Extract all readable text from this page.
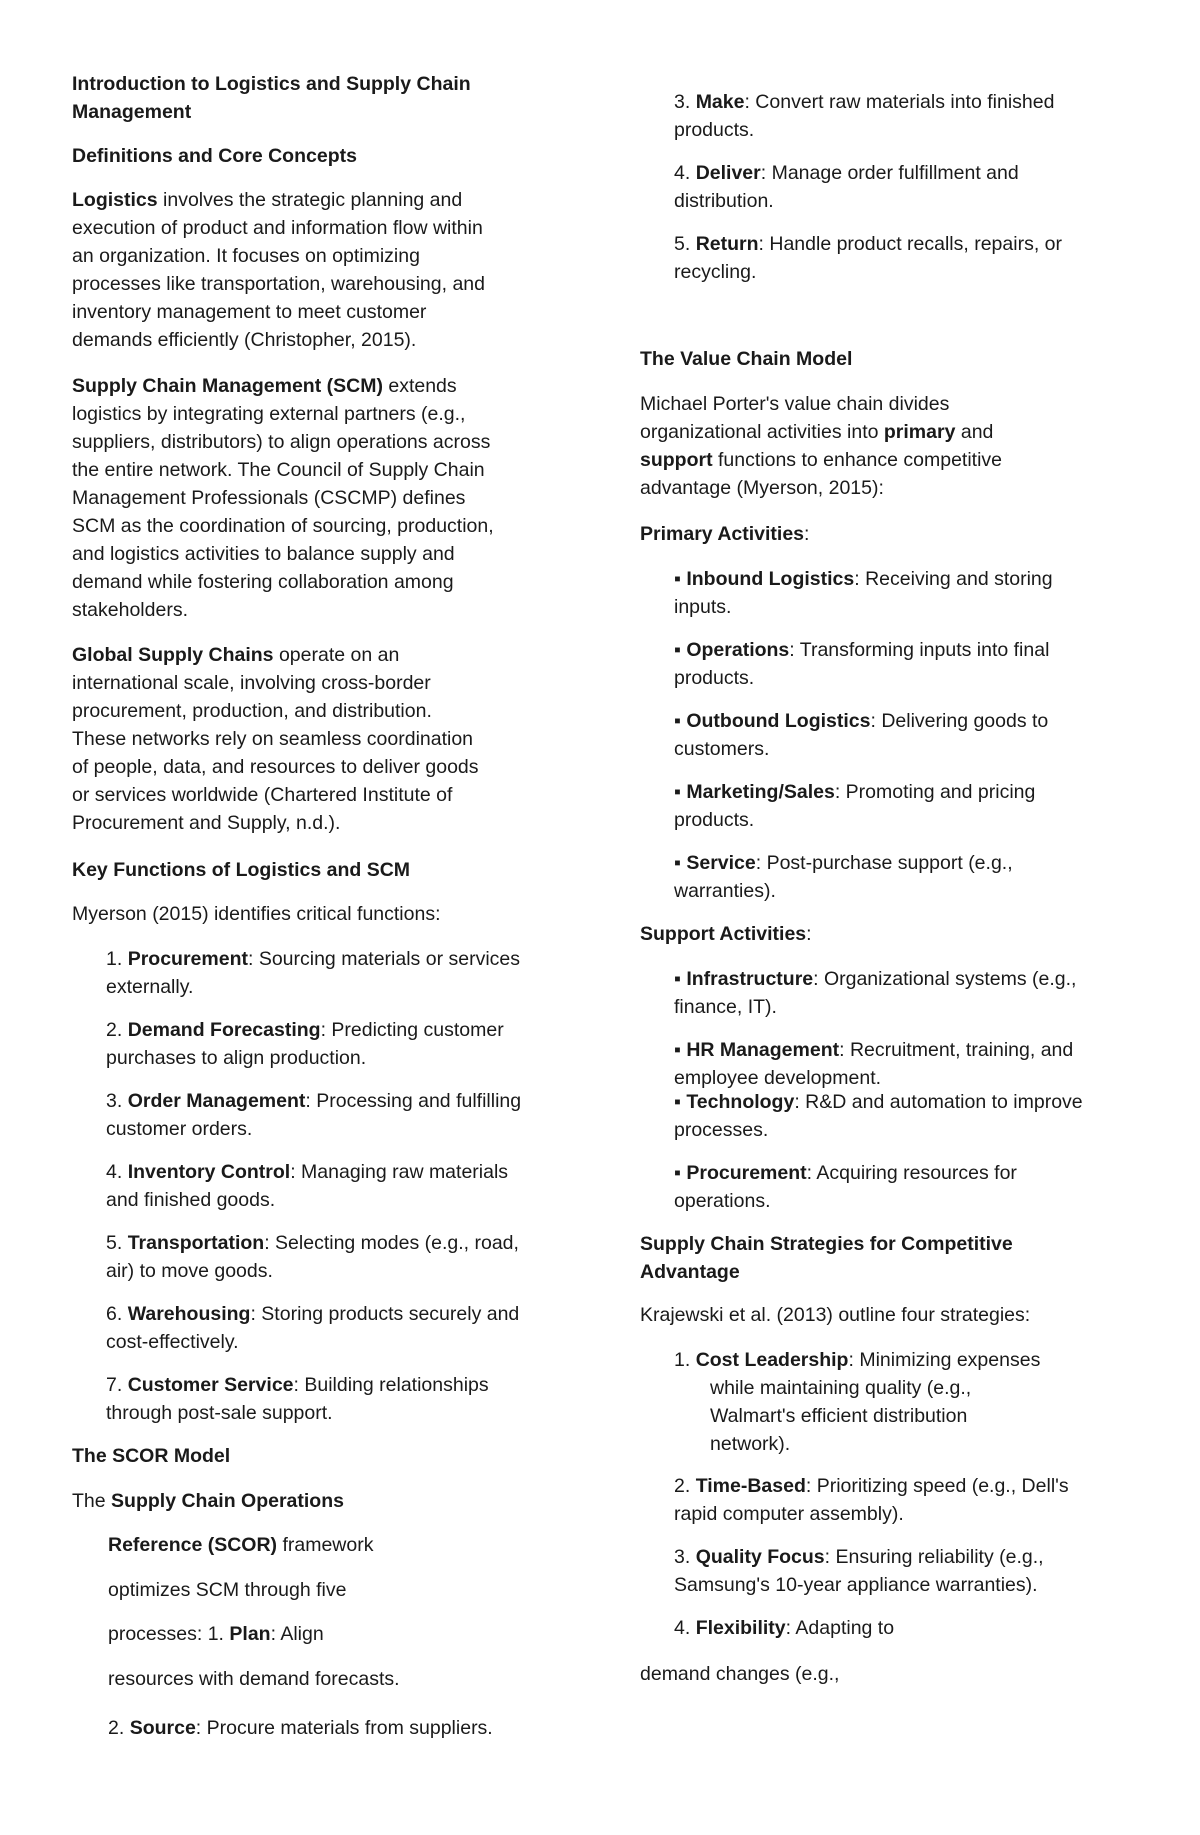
Introduction to Logistics and Supply Chain
Management
Definitions and Core Concepts
Logistics involves the strategic planning and
execution of product and information flow within
an organization. It focuses on optimizing
processes like transportation, warehousing, and
inventory management to meet customer
demands efficiently (Christopher, 2015).
Supply Chain Management (SCM) extends
logistics by integrating external partners (e.g.,
suppliers, distributors) to align operations across
the entire network. The Council of Supply Chain
Management Professionals (CSCMP) defines
SCM as the coordination of sourcing, production,
and logistics activities to balance supply and
demand while fostering collaboration among
stakeholders.
Global Supply Chains operate on an
international scale, involving cross-border
procurement, production, and distribution.
These networks rely on seamless coordination
of people, data, and resources to deliver goods
or services worldwide (Chartered Institute of
Procurement and Supply, n.d.).
Key Functions of Logistics and SCM
Myerson (2015) identifies critical functions:
1. Procurement: Sourcing materials or services
externally.
2. Demand Forecasting: Predicting customer
purchases to align production.
3. Order Management: Processing and fulfilling
customer orders.
4. Inventory Control: Managing raw materials
and finished goods.
5. Transportation: Selecting modes (e.g., road,
air) to move goods.
6. Warehousing: Storing products securely and
cost-effectively.
7. Customer Service: Building relationships
through post-sale support.
The SCOR Model
The Supply Chain Operations
Reference (SCOR) framework
optimizes SCM through five
processes: 1. Plan: Align
resources with demand forecasts.
2. Source: Procure materials from suppliers.
3. Make: Convert raw materials into finished
products.
4. Deliver: Manage order fulfillment and
distribution.
5. Return: Handle product recalls, repairs, or
recycling.
The Value Chain Model
Michael Porter's value chain divides
organizational activities into primary and
support functions to enhance competitive
advantage (Myerson, 2015):
Primary Activities:
▪ Inbound Logistics: Receiving and storing
inputs.
▪ Operations: Transforming inputs into final
products.
▪ Outbound Logistics: Delivering goods to
customers.
▪ Marketing/Sales: Promoting and pricing
products.
▪ Service: Post-purchase support (e.g.,
warranties).
Support Activities:
▪ Infrastructure: Organizational systems (e.g.,
finance, IT).
▪ HR Management: Recruitment, training, and
employee development.
▪ Technology: R&D and automation to improve
processes.
▪ Procurement: Acquiring resources for
operations.
Supply Chain Strategies for Competitive
Advantage
Krajewski et al. (2013) outline four strategies:
1. Cost Leadership: Minimizing expenses
while maintaining quality (e.g.,
Walmart's efficient distribution
network).
2. Time-Based: Prioritizing speed (e.g., Dell's
rapid computer assembly).
3. Quality Focus: Ensuring reliability (e.g.,
Samsung's 10-year appliance warranties).
4. Flexibility: Adapting to
demand changes (e.g.,
